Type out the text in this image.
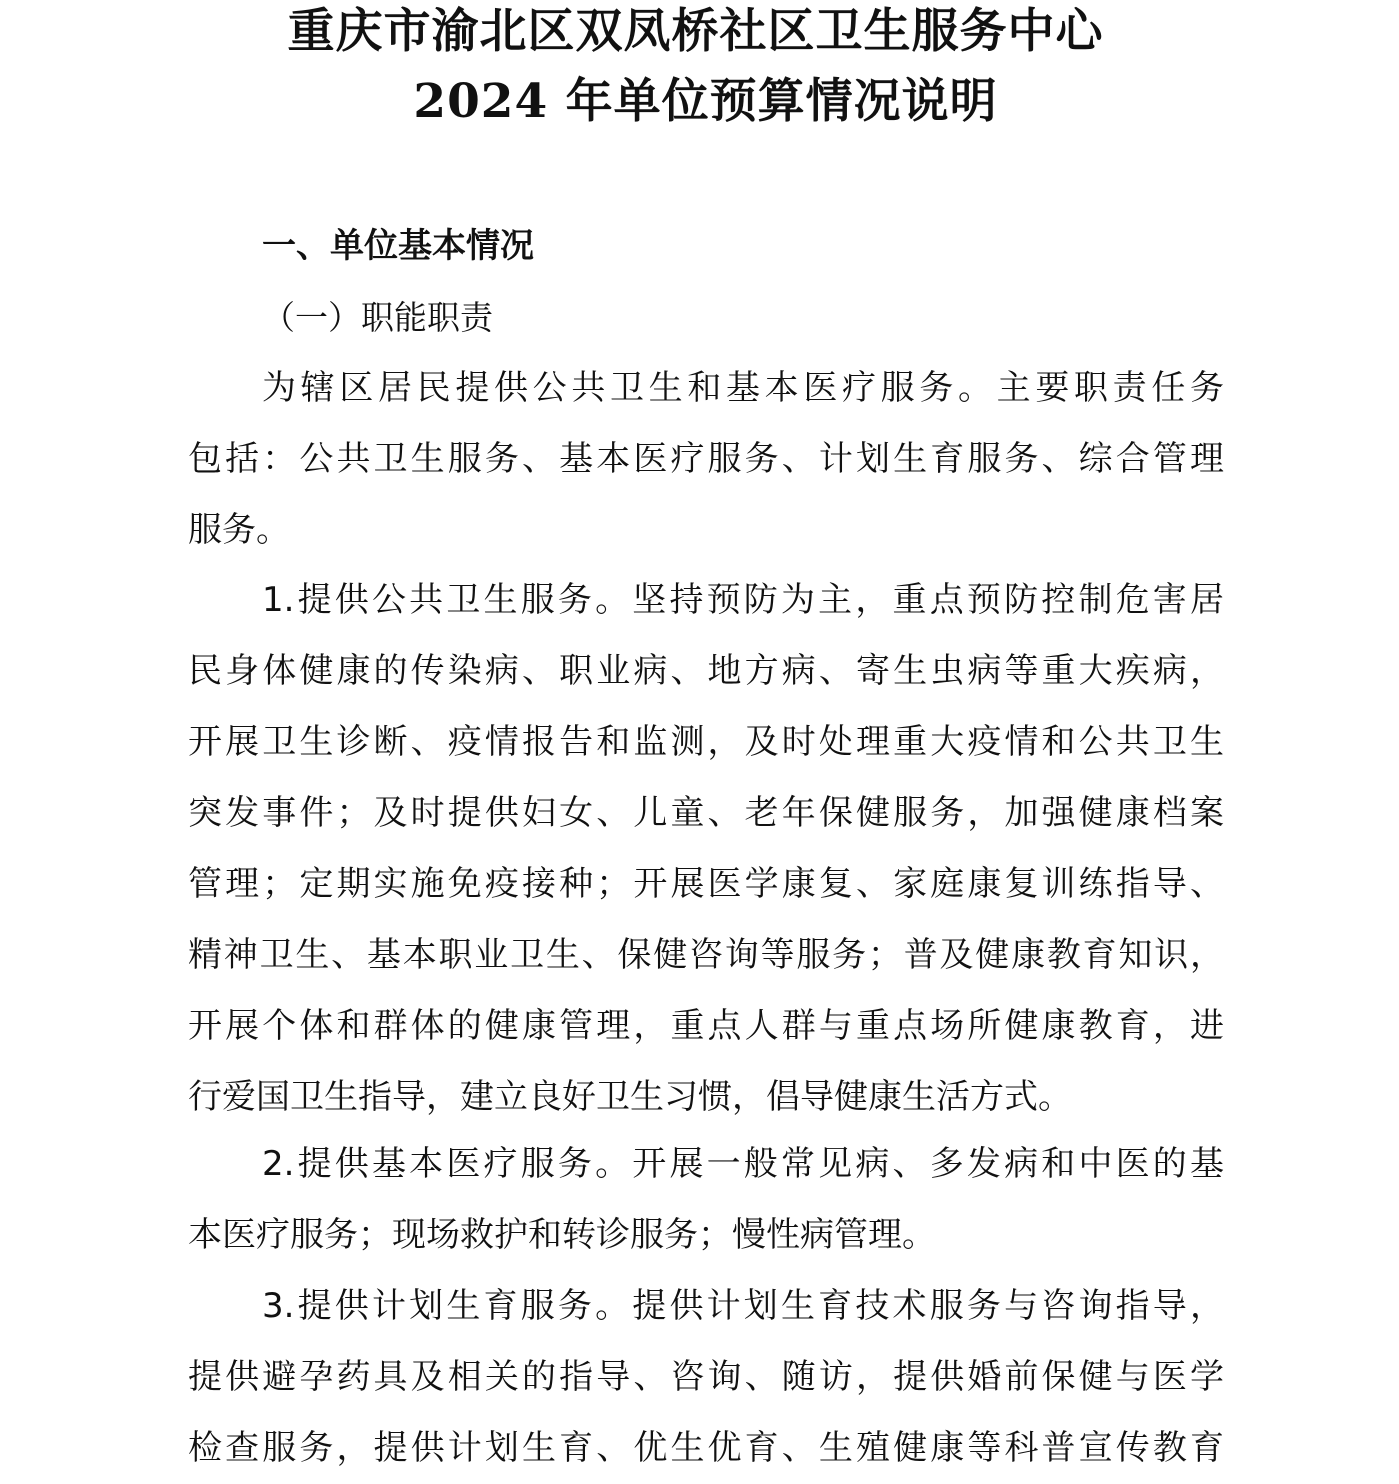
重庆市渝北区双凤桥社区卫生服务中心
2024 年单位预算情况说明
一、单位基本情况
（一）职能职责
为辖区居民提供公共卫生和基本医疗服务。主要职责任务
包括：公共卫生服务、基本医疗服务、计划生育服务、综合管理
服务。
1.提供公共卫生服务。坚持预防为主，重点预防控制危害居
民身体健康的传染病、职业病、地方病、寄生虫病等重大疾病，
开展卫生诊断、疫情报告和监测，及时处理重大疫情和公共卫生
突发事件；及时提供妇女、儿童、老年保健服务，加强健康档案
管理；定期实施免疫接种；开展医学康复、家庭康复训练指导、
精神卫生、基本职业卫生、保健咨询等服务；普及健康教育知识，
开展个体和群体的健康管理，重点人群与重点场所健康教育，进
行爱国卫生指导，建立良好卫生习惯，倡导健康生活方式。
2.提供基本医疗服务。开展一般常见病、多发病和中医的基
本医疗服务；现场救护和转诊服务；慢性病管理。
3.提供计划生育服务。提供计划生育技术服务与咨询指导，
提供避孕药具及相关的指导、咨询、随访，提供婚前保健与医学
检查服务，提供计划生育、优生优育、生殖健康等科普宣传教育
